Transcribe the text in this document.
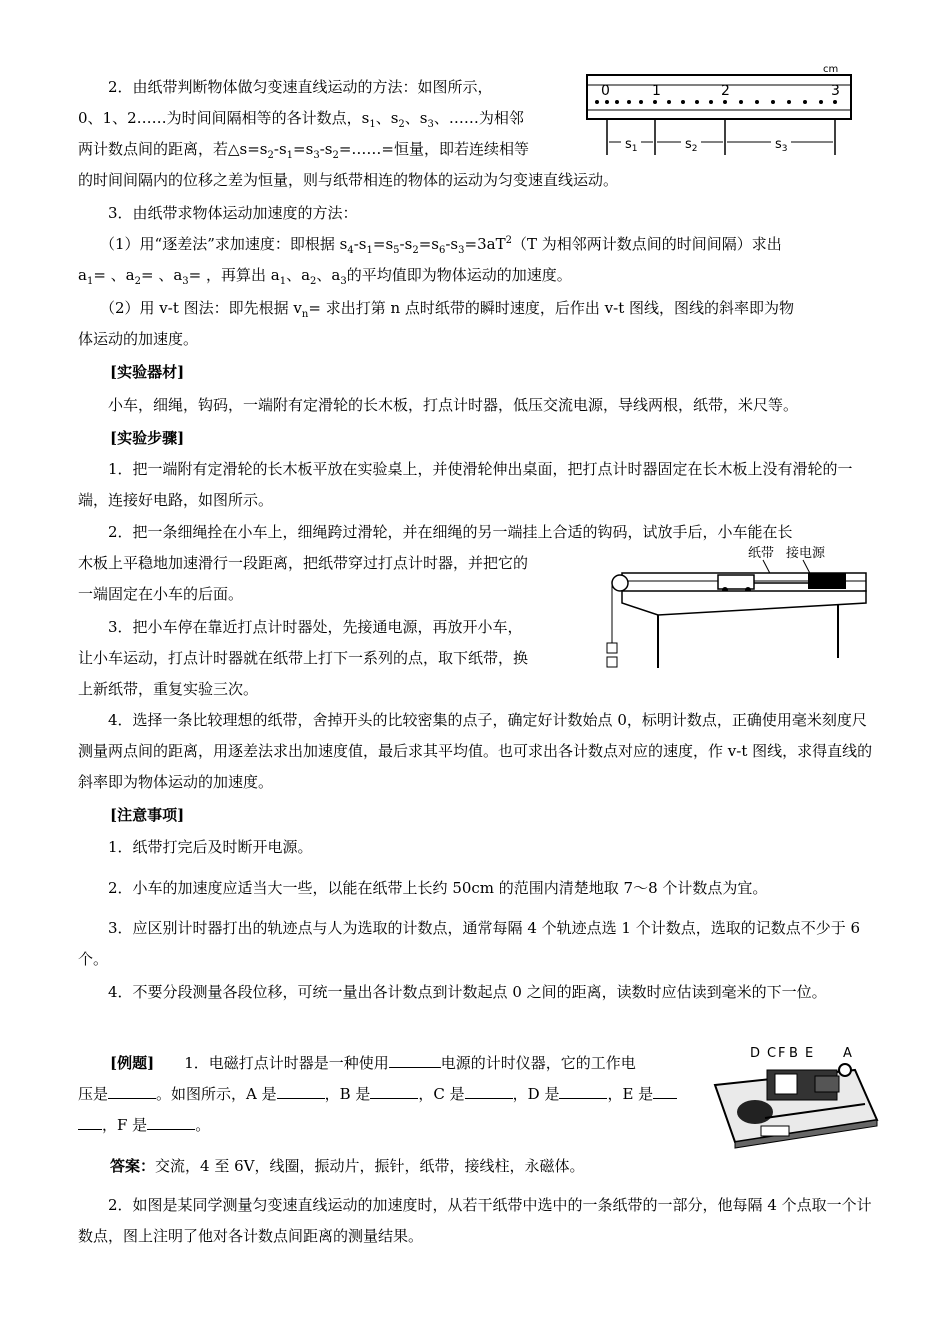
2．由纸带判断物体做匀变速直线运动的方法：如图所示，

0、1、2……为时间间隔相等的各计数点，$s_1$、$s_2$、$s_3$、……为相邻

两计数点间的距离，若$\triangle s=s_2-s_1=s_3-s_2=\dots\dots=$恒量，即若连续相等

的时间间隔内的位移之差为恒量，则与纸带相连的物体的运动为匀变速直线运动。

cm
0	1	2	3
$s_1$	$s_2$	$s_3$

3．由纸带求物体运动加速度的方法：

（1）用“逐差法”求加速度：即根据 $s_4-s_1=s_5-s_2=s_6-s_3=3aT^2(T$ 为相邻两计数点间的时间间隔）求出

$a_1=$ 、$a_2=$ 、$a_3=$ ，再算出 $a_1$、$a_2$、$a_3$的平均值即为物体运动的加速度。

（2）用 v-t 图法：即先根据 $v_n=$ 求出打第 n 点时纸带的瞬时速度，后作出 v-t 图线，图线的斜率即为物

体运动的加速度。

[实验器材]

小车，细绳，钩码，一端附有定滑轮的长木板，打点计时器，低压交流电源，导线两根，纸带，米尺等。

[实验步骤]

1．把一端附有定滑轮的长木板平放在实验桌上，并使滑轮伸出桌面，把打点计时器固定在长木板上没有滑轮的一端，连接好电路，如图所示。

2．把一条细绳拴在小车上，细绳跨过滑轮，并在细绳的另一端挂上合适的钩码，试放手后，小车能在长

木板上平稳地加速滑行一段距离，把纸带穿过打点计时器，并把它的

一端固定在小车的后面。

3．把小车停在靠近打点计时器处，先接通电源，再放开小车，

让小车运动，打点计时器就在纸带上打下一系列的点，取下纸带，换

上新纸带，重复实验三次。

纸带 接电源

4．选择一条比较理想的纸带，舍掉开头的比较密集的点子，确定好计数始点 0，标明计数点，正确使用毫米刻度尺测量两点间的距离，用逐差法求出加速度值，最后求其平均值。也可求出各计数点对应的速度，作 v-t 图线，求得直线的斜率即为物体运动的加速度。

[注意事项]

1．纸带打完后及时断开电源。

2．小车的加速度应适当大一些，以能在纸带上长约 50cm 的范围内清楚地取 7～8 个计数点为宜。

3．应区别计时器打出的轨迹点与人为选取的计数点，通常每隔 4 个轨迹点选 1 个计数点，选取的记数点不少于 6 个。

4．不要分段测量各段位移，可统一量出各计数点到计数起点 0 之间的距离，读数时应估读到毫米的下一位。

[例题] 1．电磁打点计时器是一种使用	电源的计时仪器，它的工作电

压是	。如图所示，A 是	，B 是	，C 是	，D 是	，E 是

，F 是	。

D C F B E A

答案：交流，4 至 6V，线圈，振动片，振针，纸带，接线柱，永磁体。

2．如图是某同学测量匀变速直线运动的加速度时，从若干纸带中选中的一条纸带的一部分，他每隔 4 个点取一个计数点，图上注明了他对各计数点间距离的测量结果。
